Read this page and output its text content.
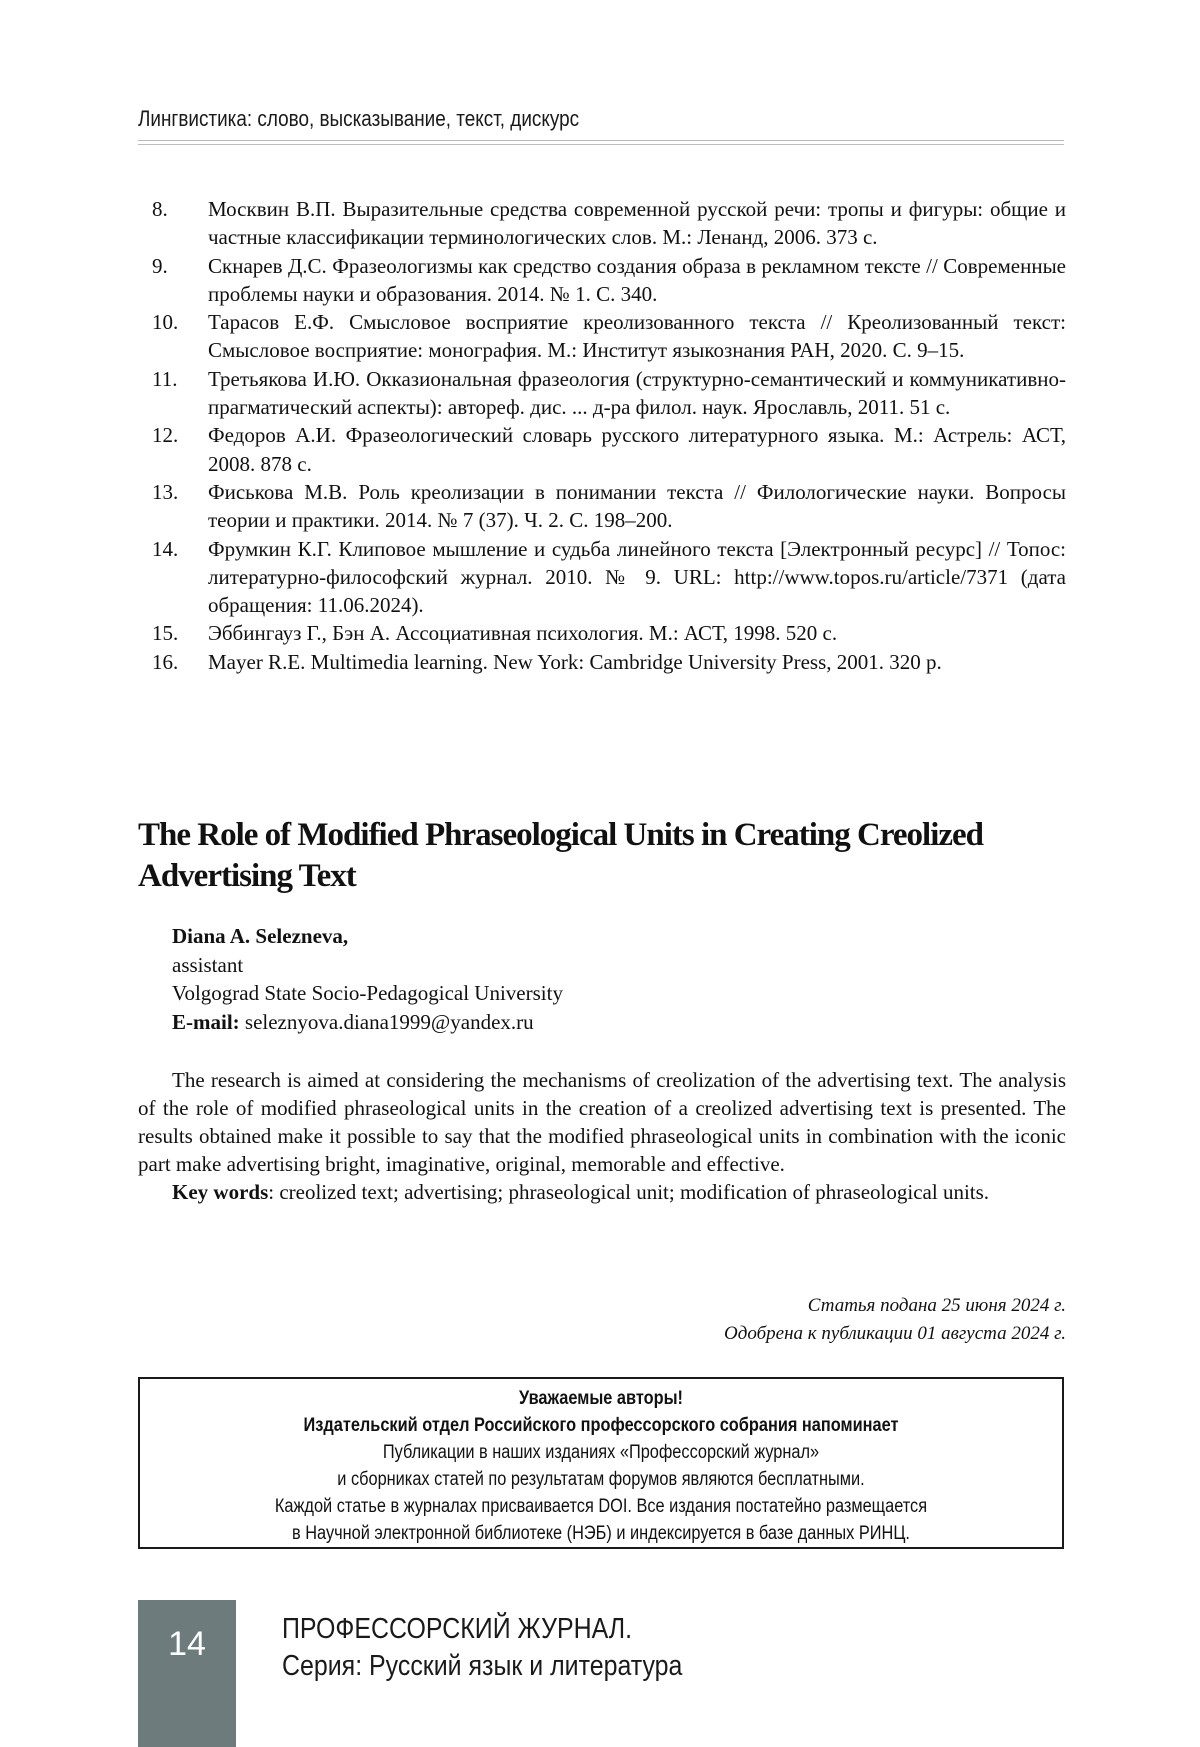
Лингвистика: слово, высказывание, текст, дискурс
8.	Москвин В.П. Выразительные средства современной русской речи: тропы и фигуры: общие и частные классификации терминологических слов. М.: Ленанд, 2006. 373 с.
9.	Скнарев Д.С. Фразеологизмы как средство создания образа в рекламном тексте // Современные проблемы науки и образования. 2014. № 1. С. 340.
10.	Тарасов Е.Ф. Смысловое восприятие креолизованного текста // Креолизованный текст: Смысловое восприятие: монография. М.: Институт языкознания РАН, 2020. С. 9–15.
11.	Третьякова И.Ю. Окказиональная фразеология (структурно-семантический и коммуникативно-прагматический аспекты): автореф. дис. ... д-ра филол. наук. Ярославль, 2011. 51 с.
12.	Федоров А.И. Фразеологический словарь русского литературного языка. М.: Астрель: АСТ, 2008. 878 с.
13.	Фиськова М.В. Роль креолизации в понимании текста // Филологические науки. Вопросы теории и практики. 2014. № 7 (37). Ч. 2. С. 198–200.
14.	Фрумкин К.Г. Клиповое мышление и судьба линейного текста [Электронный ресурс] // Топос: литературно-философский журнал. 2010. № 9. URL: http://www.topos.ru/article/7371 (дата обращения: 11.06.2024).
15.	Эббингауз Г., Бэн А. Ассоциативная психология. М.: АСТ, 1998. 520 с.
16.	Mayer R.E. Multimedia learning. New York: Cambridge University Press, 2001. 320 p.
The Role of Modified Phraseological Units in Creating Creolized Advertising Text
Diana A. Selezneva,
assistant
Volgograd State Socio-Pedagogical University
E-mail: seleznyova.diana1999@yandex.ru

The research is aimed at considering the mechanisms of creolization of the advertising text. The analysis of the role of modified phraseological units in the creation of a creolized advertising text is presented. The results obtained make it possible to say that the modified phraseological units in combination with the iconic part make advertising bright, imaginative, original, memorable and effective.

Key words: creolized text; advertising; phraseological unit; modification of phraseological units.

Статья подана 25 июня 2024 г.
Одобрена к публикации 01 августа 2024 г.
Уважаемые авторы!
Издательский отдел Российского профессорского собрания напоминает
Публикации в наших изданиях «Профессорский журнал»
и сборниках статей по результатам форумов являются бесплатными.
Каждой статье в журналах присваивается DOI. Все издания постатейно размещается
в Научной электронной библиотеке (НЭБ) и индексируется в базе данных РИНЦ.
14	ПРОФЕССОРСКИЙ ЖУРНАЛ.
Серия: Русский язык и литература
